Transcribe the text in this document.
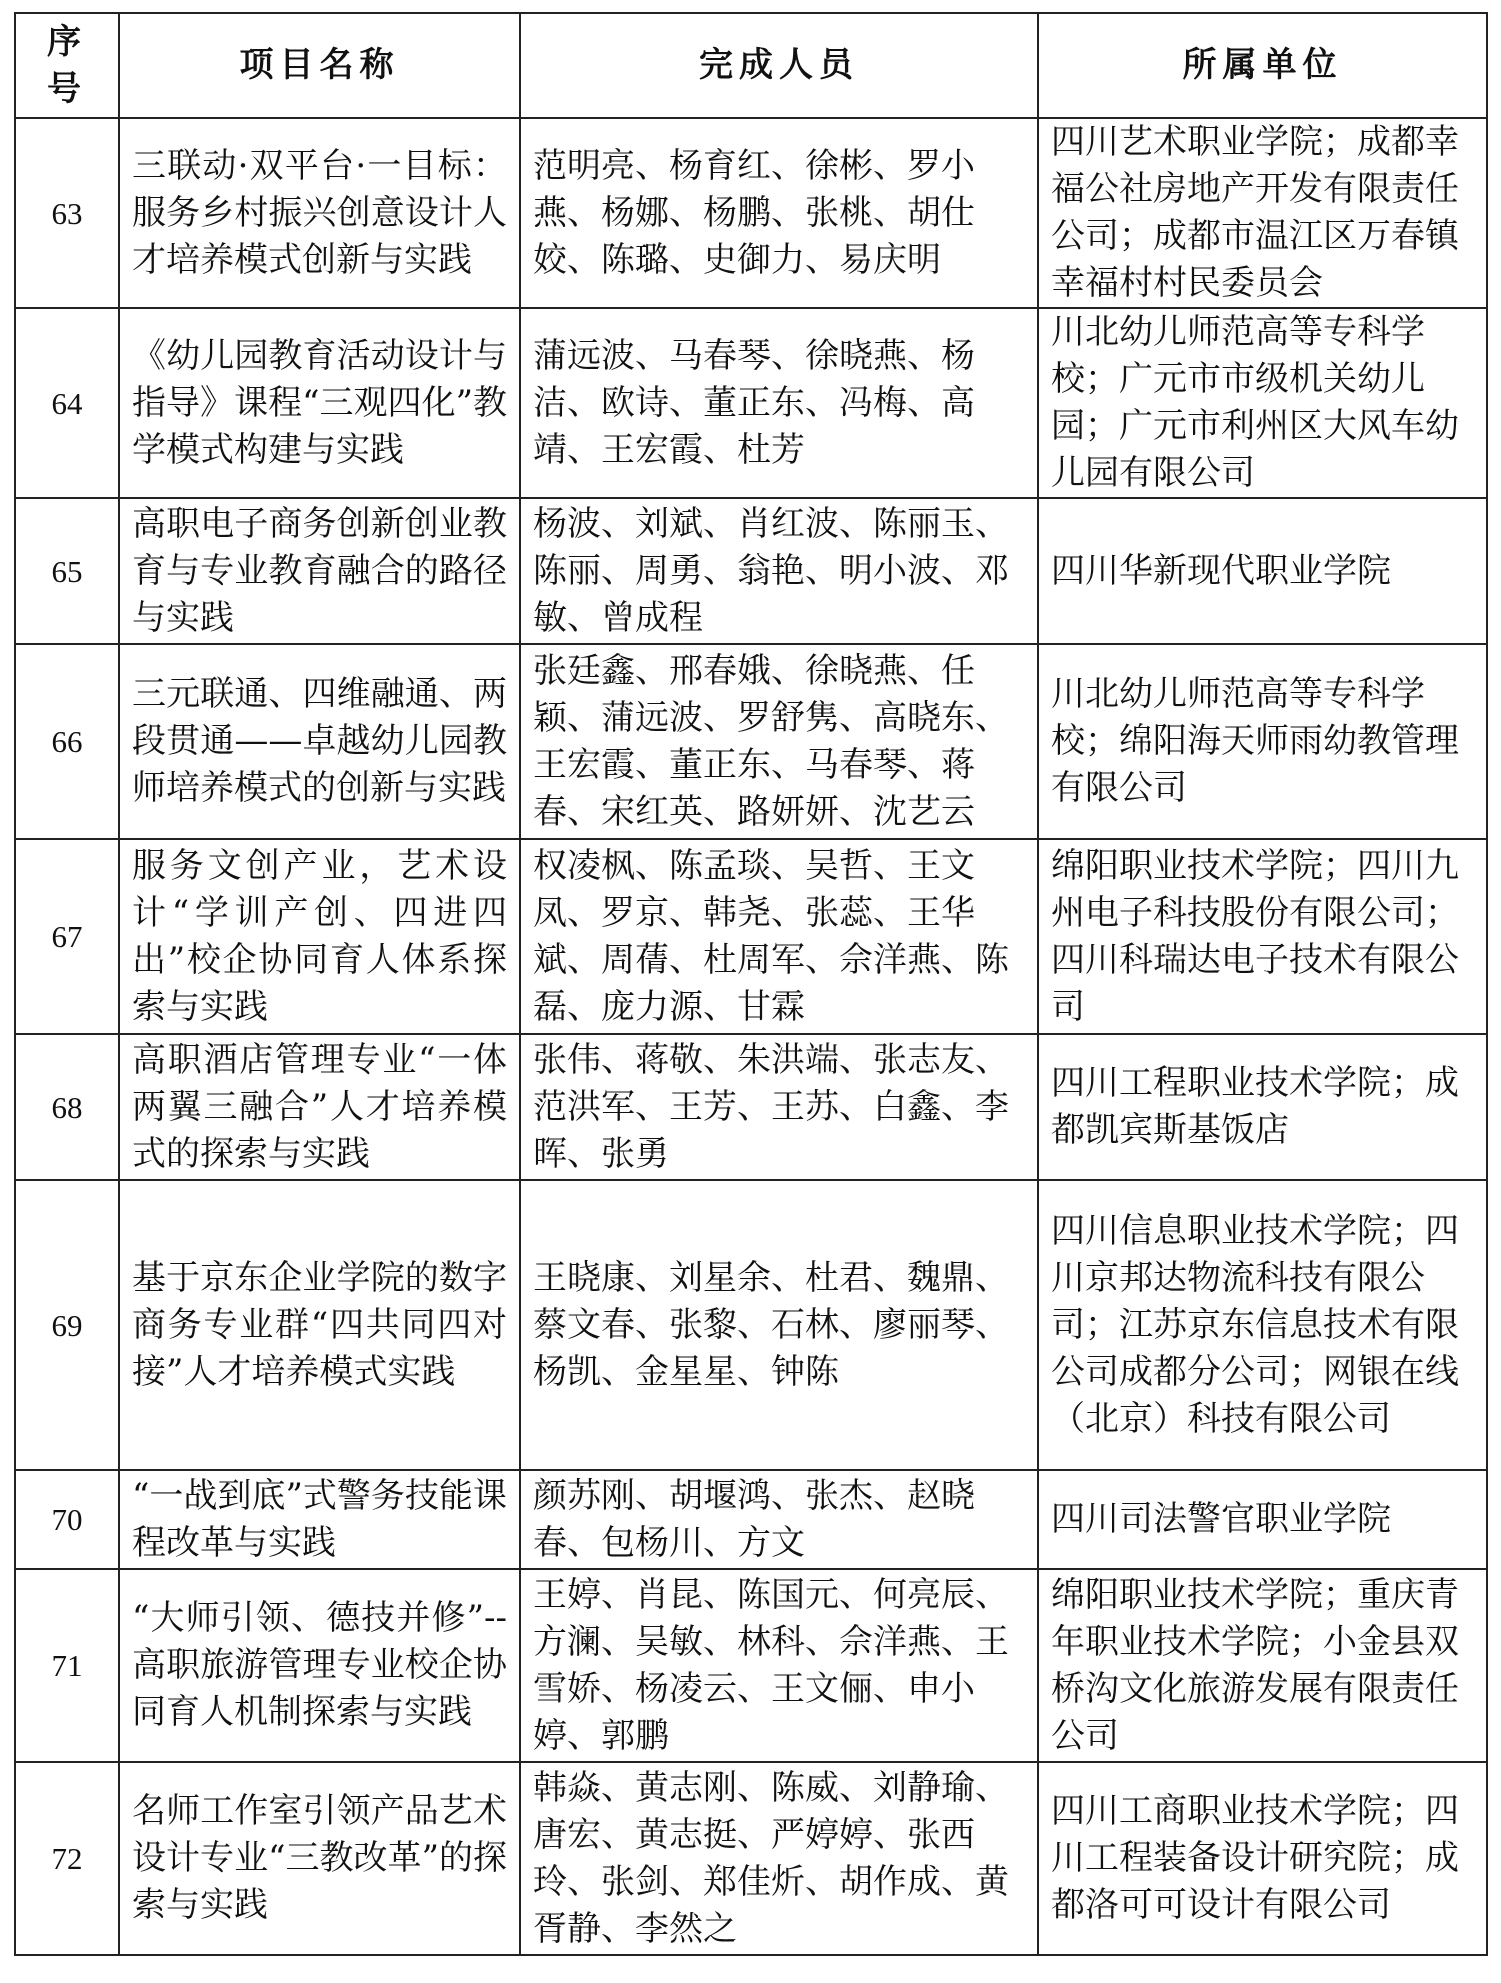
序号	项目名称	完成人员	所属单位
63	三联动·双平台·一目标：服务乡村振兴创意设计人才培养模式创新与实践	范明亮、杨育红、徐彬、罗小燕、杨娜、杨鹏、张桃、胡仕姣、陈璐、史御力、易庆明	四川艺术职业学院；成都幸福公社房地产开发有限责任公司；成都市温江区万春镇幸福村村民委员会
64	《幼儿园教育活动设计与指导》课程“三观四化”教学模式构建与实践	蒲远波、马春琴、徐晓燕、杨洁、欧诗、董正东、冯梅、高靖、王宏霞、杜芳	川北幼儿师范高等专科学校；广元市市级机关幼儿园；广元市利州区大风车幼儿园有限公司
65	高职电子商务创新创业教育与专业教育融合的路径与实践	杨波、刘斌、肖红波、陈丽玉、陈丽、周勇、翁艳、明小波、邓敏、曾成程	四川华新现代职业学院
66	三元联通、四维融通、两段贯通——卓越幼儿园教师培养模式的创新与实践	张廷鑫、邢春娥、徐晓燕、任颖、蒲远波、罗舒隽、高晓东、王宏霞、董正东、马春琴、蒋春、宋红英、路妍妍、沈艺云	川北幼儿师范高等专科学校；绵阳海天师雨幼教管理有限公司
67	服务文创产业，艺术设计“学训产创、四进四出”校企协同育人体系探索与实践	权凌枫、陈孟琰、吴哲、王文凤、罗京、韩尧、张蕊、王华斌、周蒨、杜周军、佘洋燕、陈磊、庞力源、甘霖	绵阳职业技术学院；四川九州电子科技股份有限公司；四川科瑞达电子技术有限公司
68	高职酒店管理专业“一体两翼三融合”人才培养模式的探索与实践	张伟、蒋敬、朱洪端、张志友、范洪军、王芳、王苏、白鑫、李晖、张勇	四川工程职业技术学院；成都凯宾斯基饭店
69	基于京东企业学院的数字商务专业群“四共同四对接”人才培养模式实践	王晓康、刘星余、杜君、魏鼎、蔡文春、张黎、石林、廖丽琴、杨凯、金星星、钟陈	四川信息职业技术学院；四川京邦达物流科技有限公司；江苏京东信息技术有限公司成都分公司；网银在线（北京）科技有限公司
70	“一战到底”式警务技能课程改革与实践	颜苏刚、胡堰鸿、张杰、赵晓春、包杨川、方文	四川司法警官职业学院
71	“大师引领、德技并修”--高职旅游管理专业校企协同育人机制探索与实践	王婷、肖昆、陈国元、何亮辰、方澜、吴敏、林科、佘洋燕、王雪娇、杨凌云、王文俪、申小婷、郭鹏	绵阳职业技术学院；重庆青年职业技术学院；小金县双桥沟文化旅游发展有限责任公司
72	名师工作室引领产品艺术设计专业“三教改革”的探索与实践	韩焱、黄志刚、陈威、刘静瑜、唐宏、黄志挺、严婷婷、张西玲、张剑、郑佳炘、胡作成、黄胥静、李然之	四川工商职业技术学院；四川工程装备设计研究院；成都洛可可设计有限公司
